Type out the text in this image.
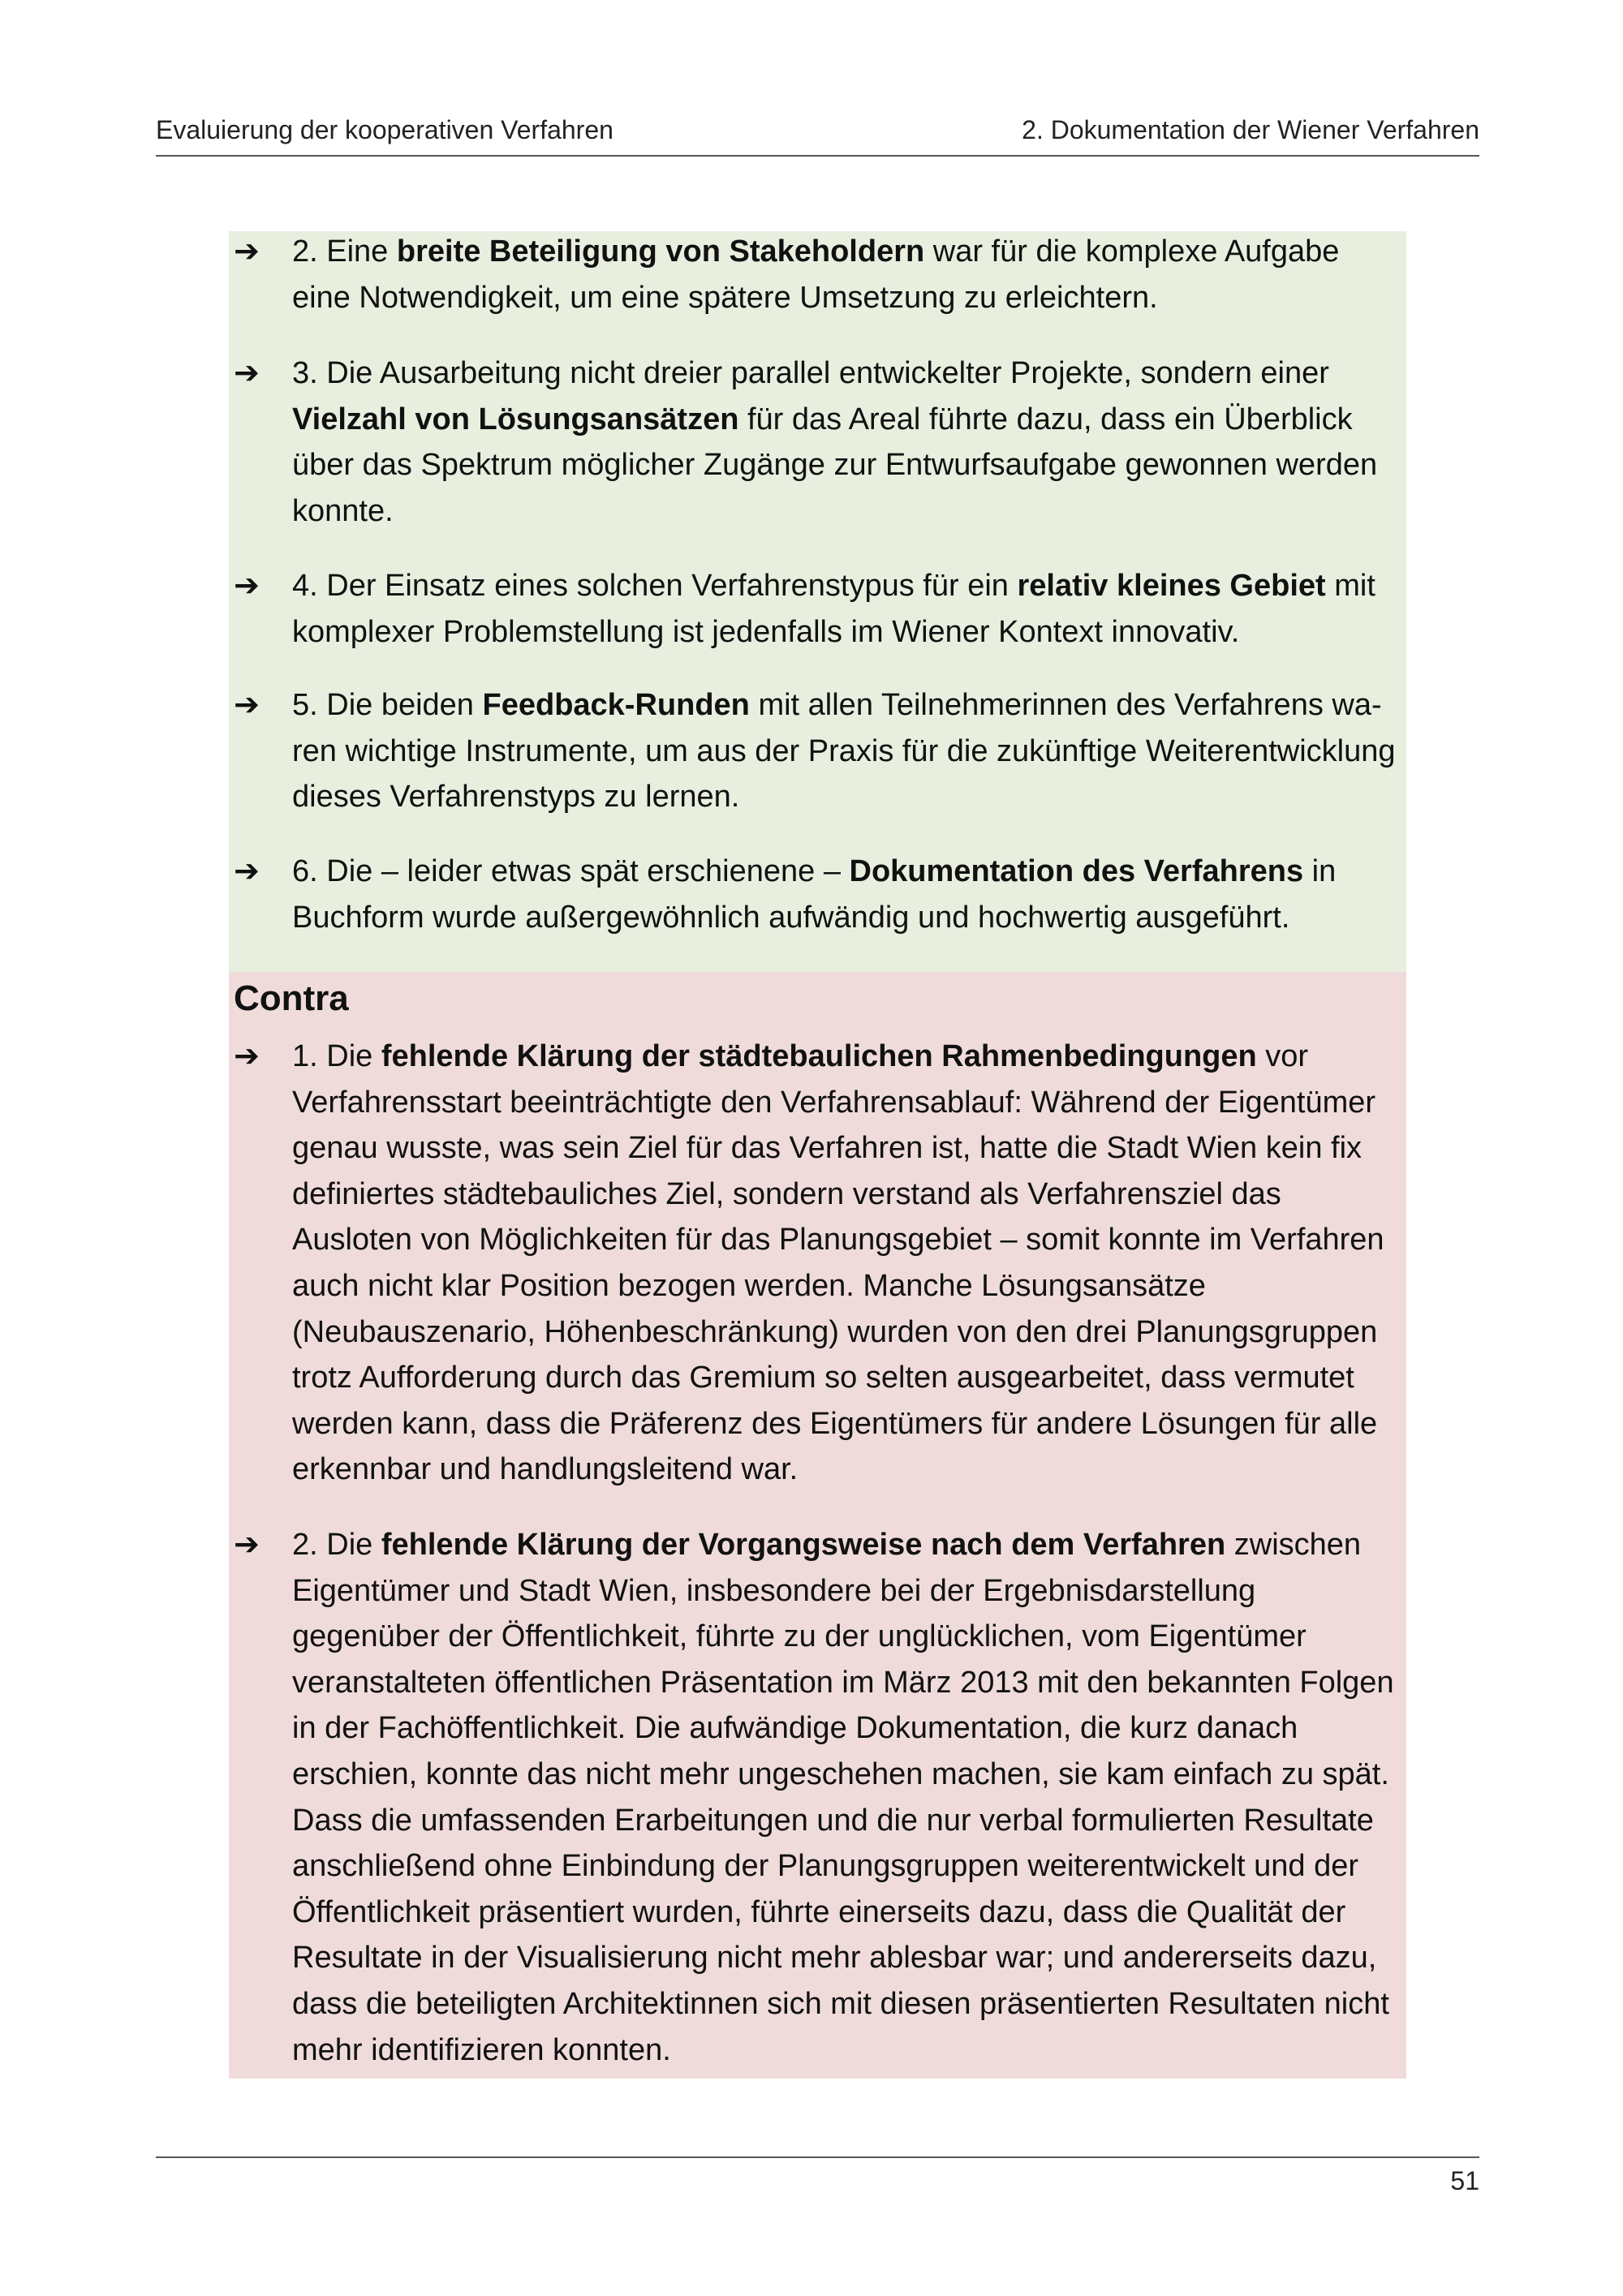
Evaluierung der kooperativen Verfahren	2. Dokumentation der Wiener Verfahren
➔	2. Eine breite Beteiligung von Stakeholdern war für die komplexe Aufgabe eine Notwendigkeit, um eine spätere Umsetzung zu erleichtern.
➔	3. Die Ausarbeitung nicht dreier parallel entwickelter Projekte, sondern einer Vielzahl von Lösungsansätzen für das Areal führte dazu, dass ein Überblick über das Spektrum möglicher Zugänge zur Entwurfsaufgabe gewonnen werden konnte.
➔	4. Der Einsatz eines solchen Verfahrenstypus für ein relativ kleines Gebiet mit komplexer Problemstellung ist jedenfalls im Wiener Kontext innovativ.
➔	5. Die beiden Feedback-Runden mit allen Teilnehmerinnen des Verfahrens waren wichtige Instrumente, um aus der Praxis für die zukünftige Weiterentwicklung dieses Verfahrenstyps zu lernen.
➔	6. Die – leider etwas spät erschienene – Dokumentation des Verfahrens in Buchform wurde außergewöhnlich aufwändig und hochwertig ausgeführt.
Contra
➔	1. Die fehlende Klärung der städtebaulichen Rahmenbedingungen vor Verfahrensstart beeinträchtigte den Verfahrensablauf: Während der Eigentümer genau wusste, was sein Ziel für das Verfahren ist, hatte die Stadt Wien kein fix definiertes städtebauliches Ziel, sondern verstand als Verfahrensziel das Ausloten von Möglichkeiten für das Planungsgebiet – somit konnte im Verfahren auch nicht klar Position bezogen werden. Manche Lösungsansätze (Neubauszenario, Höhenbeschränkung) wurden von den drei Planungsgruppen trotz Aufforderung durch das Gremium so selten ausgearbeitet, dass vermutet werden kann, dass die Präferenz des Eigentümers für andere Lösungen für alle erkennbar und handlungsleitend war.
➔	2. Die fehlende Klärung der Vorgangsweise nach dem Verfahren zwischen Eigentümer und Stadt Wien, insbesondere bei der Ergebnisdarstellung gegenüber der Öffentlichkeit, führte zu der unglücklichen, vom Eigentümer veranstalteten öffentlichen Präsentation im März 2013 mit den bekannten Folgen in der Fachöffentlichkeit. Die aufwändige Dokumentation, die kurz danach erschien, konnte das nicht mehr ungeschehen machen, sie kam einfach zu spät. Dass die umfassenden Erarbeitungen und die nur verbal formulierten Resultate anschließend ohne Einbindung der Planungsgruppen weiterentwickelt und der Öffentlichkeit präsentiert wurden, führte einerseits dazu, dass die Qualität der Resultate in der Visualisierung nicht mehr ablesbar war; und andererseits dazu, dass die beteiligten Architektinnen sich mit diesen präsentierten Resultaten nicht mehr identifizieren konnten.
51
